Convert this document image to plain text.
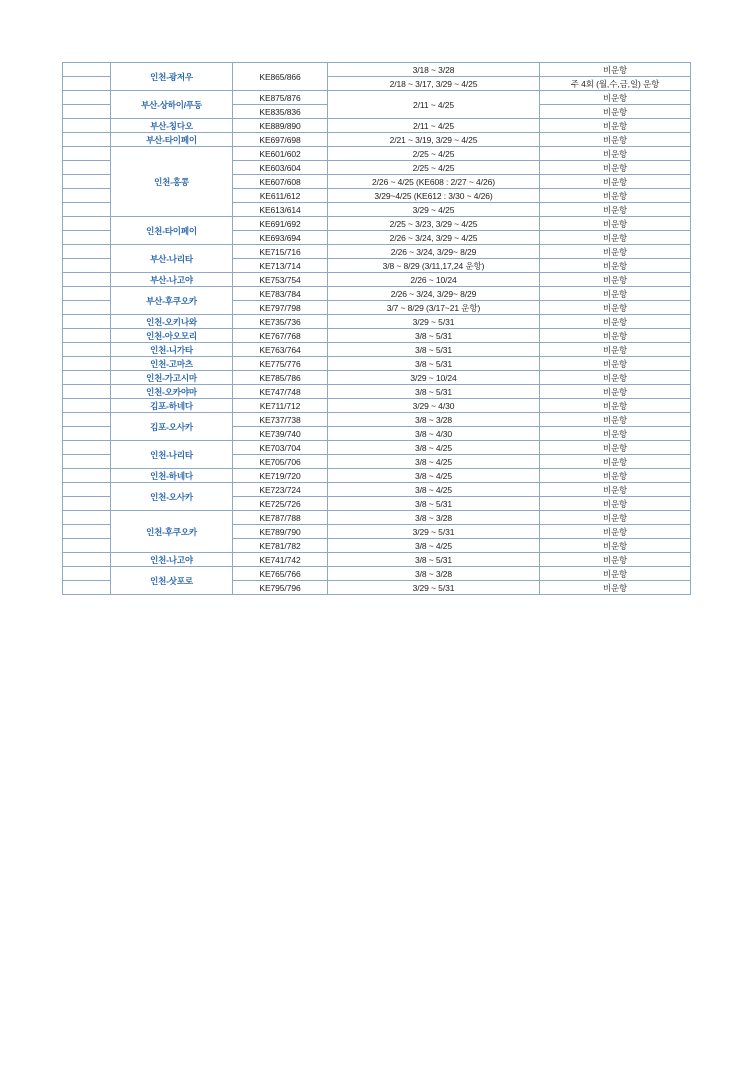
	인천-광저우	KE865/866	3/18 ~ 3/28	비운항
			2/18 ~ 3/17, 3/29 ~ 4/25	주 4회 (월,수,금,일) 운항
	부산-상하이/푸동	KE875/876	2/11 ~ 4/25	비운항
		KE835/836		비운항
	부산-칭다오	KE889/890	2/11 ~ 4/25	비운항
	부산-타이페이	KE697/698	2/21 ~ 3/19, 3/29 ~ 4/25	비운항
	인천-홍콩	KE601/602	2/25 ~ 4/25	비운항
		KE603/604	2/25 ~ 4/25	비운항
		KE607/608	2/26 ~ 4/25 (KE608 : 2/27 ~ 4/26)	비운항
		KE611/612	3/29~4/25 (KE612 : 3/30 ~ 4/26)	비운항
		KE613/614	3/29 ~ 4/25	비운항
	인천-타이페이	KE691/692	2/25 ~ 3/23, 3/29 ~ 4/25	비운항
		KE693/694	2/26 ~ 3/24, 3/29 ~ 4/25	비운항
	부산-나리타	KE715/716	2/26 ~ 3/24, 3/29~ 8/29	비운항
		KE713/714	3/8 ~ 8/29 (3/11,17,24 운항)	비운항
	부산-나고야	KE753/754	2/26 ~ 10/24	비운항
	부산-후쿠오카	KE783/784	2/26 ~ 3/24, 3/29~ 8/29	비운항
		KE797/798	3/7 ~ 8/29 (3/17~21 운항)	비운항
	인천-오키나와	KE735/736	3/29 ~ 5/31	비운항
	인천-아오모리	KE767/768	3/8 ~ 5/31	비운항
	인천-니가타	KE763/764	3/8 ~ 5/31	비운항
	인천-고마츠	KE775/776	3/8 ~ 5/31	비운항
	인천-가고시마	KE785/786	3/29 ~ 10/24	비운항
	인천-오카야마	KE747/748	3/8 ~ 5/31	비운항
	김포-하네다	KE711/712	3/29 ~ 4/30	비운항
	김포-오사카	KE737/738	3/8 ~ 3/28	비운항
		KE739/740	3/8 ~ 4/30	비운항
	인천-나리타	KE703/704	3/8 ~ 4/25	비운항
		KE705/706	3/8 ~ 4/25	비운항
	인천-하네다	KE719/720	3/8 ~ 4/25	비운항
	인천-오사카	KE723/724	3/8 ~ 4/25	비운항
		KE725/726	3/8 ~ 5/31	비운항
	인천-후쿠오카	KE787/788	3/8 ~ 3/28	비운항
		KE789/790	3/29 ~ 5/31	비운항
		KE781/782	3/8 ~ 4/25	비운항
	인천-나고야	KE741/742	3/8 ~ 5/31	비운항
	인천-삿포로	KE765/766	3/8 ~ 3/28	비운항
		KE795/796	3/29 ~ 5/31	비운항
